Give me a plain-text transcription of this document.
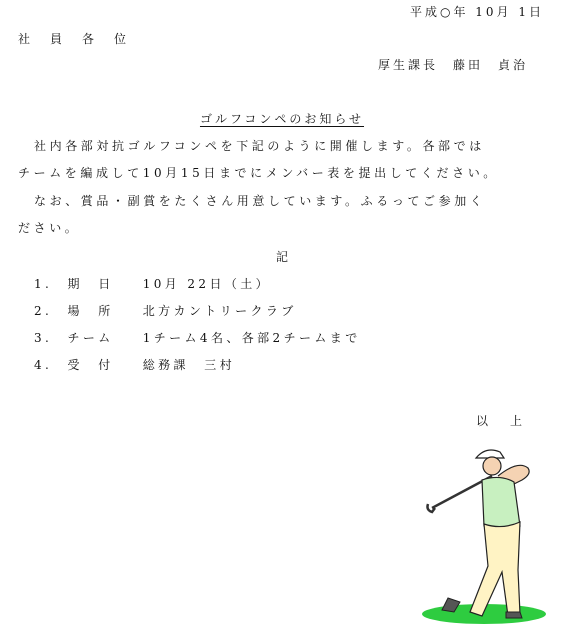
平成○年 10月 1日
社員各位
厚生課長　藤田　貞治
ゴルフコンペのお知らせ
社内各部対抗ゴルフコンペを下記のように開催します。各部では
チームを編成して10月15日までにメンバー表を提出してください。
なお、賞品・副賞をたくさん用意しています。ふるってご参加く
ださい。
記
1. 期　日 10月 22日（土）
2. 場　所 北方カントリークラブ
3. チーム 1チーム4名、各部2チームまで
4. 受　付 総務課　三村
以上
